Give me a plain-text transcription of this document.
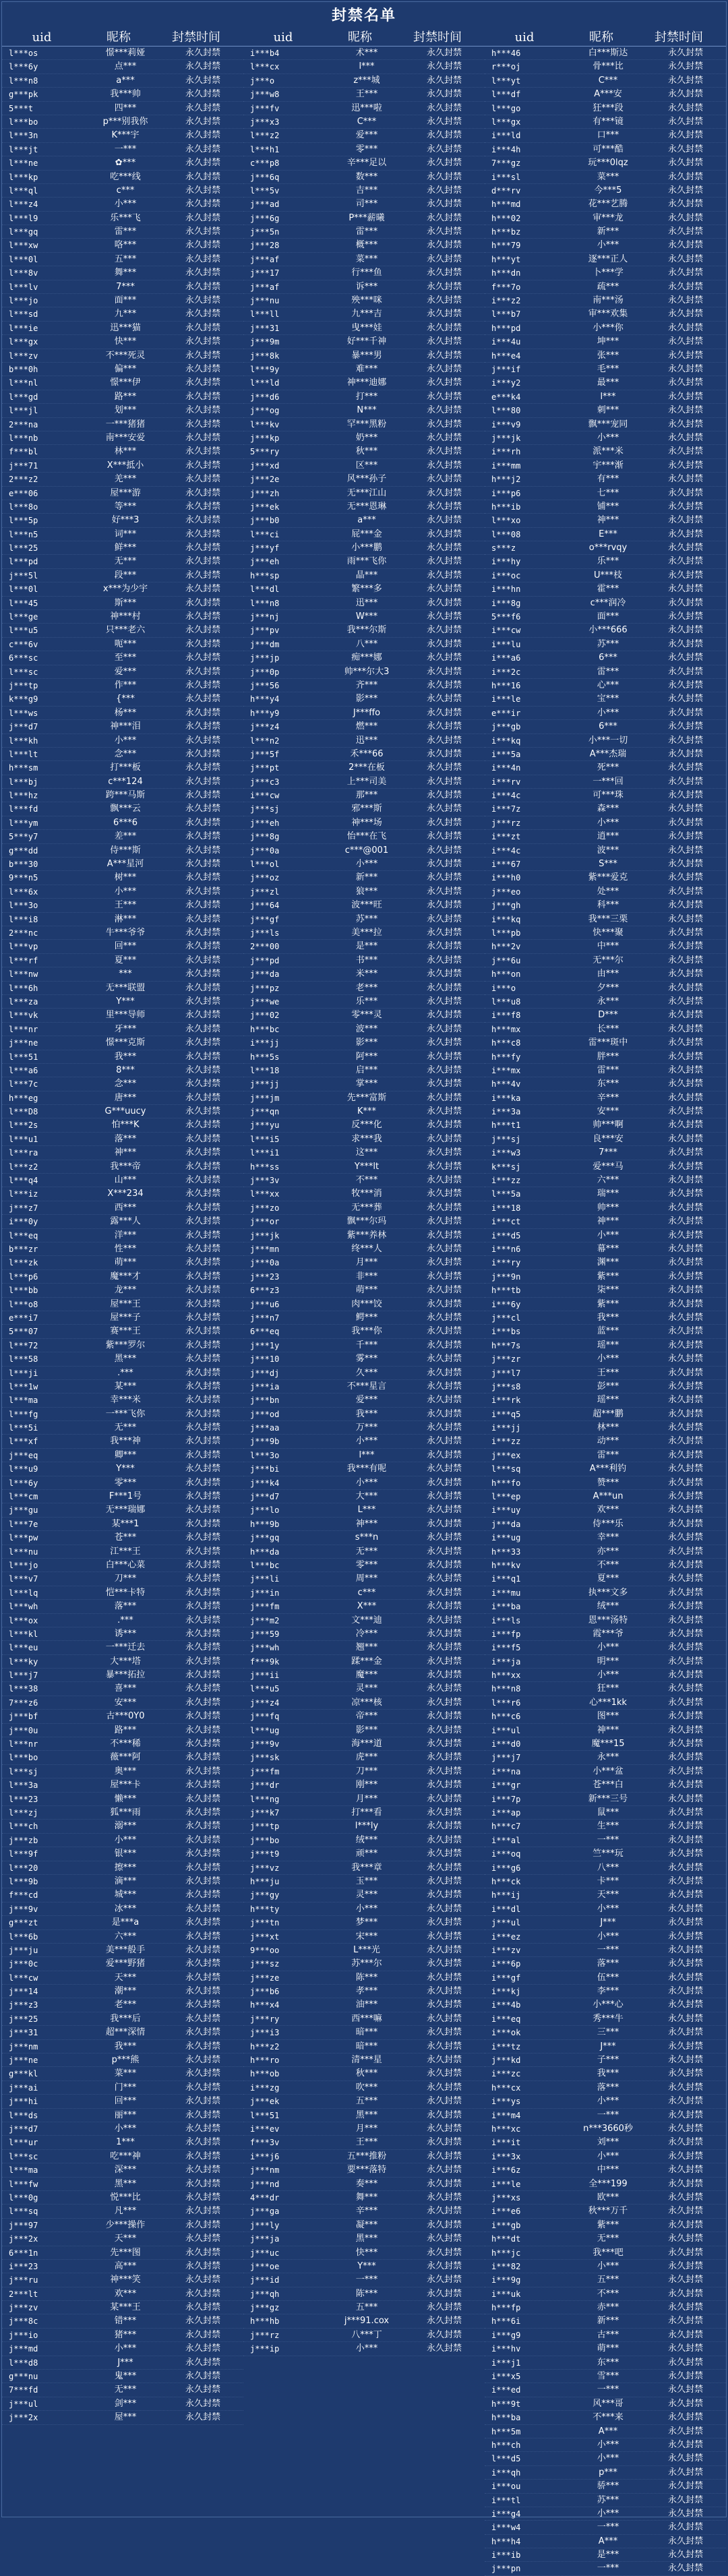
封禁名单
uid	昵称	封禁时间
l***os	憬***莉娅	永久封禁
l***6y	点***	永久封禁
l***n8	a***	永久封禁
g***pk	我***帅	永久封禁
5***t	四***	永久封禁
l***bo	p***别我你	永久封禁
l***3n	K***宇	永久封禁
l***jt	一***	永久封禁
l***ne	✿***	永久封禁
l***kp	吃***线	永久封禁
l***ql	c***	永久封禁
l***z4	小***	永久封禁
l***l9	乐***飞	永久封禁
l***gq	雷***	永久封禁
l***xw	咯***	永久封禁
l***0l	五***	永久封禁
l***8v	舞***	永久封禁
l***lv	7***	永久封禁
l***jo	面***	永久封禁
l***sd	九***	永久封禁
l***ie	迅***猫	永久封禁
l***gx	快***	永久封禁
l***zv	不***死灵	永久封禁
b***0h	偏***	永久封禁
l***nl	憬***伊	永久封禁
l***gd	路***	永久封禁
l***jl	划***	永久封禁
2***na	一***猪猪	永久封禁
l***nb	南***安爱	永久封禁
f***bl	林***	永久封禁
j***71	X***抵小	永久封禁
2***z2	羌***	永久封禁
e***06	屋***游	永久封禁
l***8o	等***	永久封禁
l***5p	好***3	永久封禁
l***n5	词***	永久封禁
l***25	鲜***	永久封禁
l***pd	无***	永久封禁
j***5l	段***	永久封禁
l***0l	x***为少宇	永久封禁
l***45	斯***	永久封禁
l***ge	神***村	永久封禁
l***u5	只***老六	永久封禁
c***6v	呃***	永久封禁
6***sc	至***	永久封禁
l***sc	爱***	永久封禁
j***tp	作***	永久封禁
k***g9	{***	永久封禁
l***ws	杨***	永久封禁
j***d7	神***泪	永久封禁
l***kh	小***	永久封禁
l***lt	念***	永久封禁
h***sm	打***板	永久封禁
l***bj	c***124	永久封禁
l***hz	跨***马斯	永久封禁
l***fd	飘***云	永久封禁
l***ym	6***6	永久封禁
5***y7	差***	永久封禁
g***dd	侍***斯	永久封禁
b***30	A***星河	永久封禁
9***n5	树***	永久封禁
l***6x	小***	永久封禁
l***3o	王***	永久封禁
l***i8	淋***	永久封禁
2***nc	牛***爷爷	永久封禁
l***vp	回***	永久封禁
l***rf	夏***	永久封禁
l***nw	***	永久封禁
l***6h	无***联盟	永久封禁
l***za	Y***	永久封禁
l***vk	里***导师	永久封禁
l***nr	牙***	永久封禁
j***ne	憬***克斯	永久封禁
l***51	我***	永久封禁
l***a6	8***	永久封禁
l***7c	念***	永久封禁
h***eg	唐***	永久封禁
l***D8	G***uucy	永久封禁
l***2s	怕***K	永久封禁
l***u1	落***	永久封禁
l***ra	神***	永久封禁
l***z2	我***帝	永久封禁
l***q4	山***	永久封禁
l***iz	X***234	永久封禁
j***z7	西***	永久封禁
i***0y	露***人	永久封禁
l***eq	洋***	永久封禁
b***zr	性***	永久封禁
l***zk	萌***	永久封禁
l***p6	魔***才	永久封禁
l***bb	龙***	永久封禁
l***o8	屋***王	永久封禁
e***i7	屋***子	永久封禁
5***07	赛***王	永久封禁
l***72	紫***罗尔	永久封禁
l***58	黑***	永久封禁
l***ji	.***	永久封禁
l***1w	某***	永久封禁
l***ma	幸***米	永久封禁
l***fg	一***飞你	永久封禁
l***5i	无***	永久封禁
l***xf	我***神	永久封禁
j***eq	卿***	永久封禁
l***u9	Y***	永久封禁
l***6y	零***	永久封禁
l***cm	F***1号	永久封禁
j***gu	无***瑞娜	永久封禁
l***7e	某***1	永久封禁
l***pw	苍***	永久封禁
l***nu	江***王	永久封禁
l***jo	白***心菜	永久封禁
l***v7	刀***	永久封禁
l***lq	恺***卡特	永久封禁
l***wh	落***	永久封禁
l***ox	.***	永久封禁
l***kl	诱***	永久封禁
l***eu	一***迁去	永久封禁
l***ky	大***塔	永久封禁
l***j7	暴***拓拉	永久封禁
l***38	喜***	永久封禁
7***z6	安***	永久封禁
j***bf	古***0Y0	永久封禁
j***0u	路***	永久封禁
l***nr	不***稀	永久封禁
l***bo	薇***阿	永久封禁
l***sj	奥***	永久封禁
l***3a	屋***卡	永久封禁
l***23	懒***	永久封禁
l***zj	狐***雨	永久封禁
l***ch	溺***	永久封禁
j***zb	小***	永久封禁
l***9f	银***	永久封禁
l***20	擦***	永久封禁
l***9b	滴***	永久封禁
f***cd	城***	永久封禁
j***9v	冰***	永久封禁
g***zt	是***a	永久封禁
l***6b	六***	永久封禁
j***ju	美***般手	永久封禁
j***0c	爱***野猪	永久封禁
l***cw	天***	永久封禁
j***14	潮***	永久封禁
j***z3	老***	永久封禁
j***25	我***后	永久封禁
j***31	超***深情	永久封禁
j***nm	我***	永久封禁
j***ne	p***熊	永久封禁
g***kl	菜***	永久封禁
j***ai	门***	永久封禁
j***hi	回***	永久封禁
l***ds	丽***	永久封禁
j***d7	小***	永久封禁
l***ur	1***	永久封禁
l***sc	吃***神	永久封禁
l***ma	深***	永久封禁
l***fw	黑***	永久封禁
l***0g	悦***比	永久封禁
l***sq	凡***	永久封禁
j***97	少***操作	永久封禁
j***2x	天***	永久封禁
6***1n	先***图	永久封禁
i***23	高***	永久封禁
j***ru	神***笑	永久封禁
2***lt	欢***	永久封禁
j***zv	某***王	永久封禁
j***8c	错***	永久封禁
j***io	猪***	永久封禁
j***md	小***	永久封禁
l***d8	J***	永久封禁
g***nu	鬼***	永久封禁
7***fd	无***	永久封禁
j***ul	剑***	永久封禁
j***2x	屋***	永久封禁
uid	昵称	封禁时间
i***b4	术***	永久封禁
l***cx	l***	永久封禁
j***o	z***城	永久封禁
j***w8	王***	永久封禁
j***fv	迅***啦	永久封禁
j***x3	C***	永久封禁
l***z2	爱***	永久封禁
l***h1	零***	永久封禁
c***p8	辛***足以	永久封禁
j***6q	数***	永久封禁
l***5v	吉***	永久封禁
j***ad	司***	永久封禁
j***6g	P***薪曦	永久封禁
j***5n	雷***	永久封禁
j***28	概***	永久封禁
j***af	菜***	永久封禁
j***17	行***鱼	永久封禁
j***af	诉***	永久封禁
j***nu	殃***咪	永久封禁
l***ll	九***吉	永久封禁
j***31	曳***娃	永久封禁
j***9m	好***千神	永久封禁
j***8k	暴***男	永久封禁
l***9y	难***	永久封禁
l***ld	神***迪娜	永久封禁
j***d6	打***	永久封禁
j***og	N***	永久封禁
l***kv	罕***黑粉	永久封禁
j***kp	奶***	永久封禁
5***ry	秋***	永久封禁
j***xd	区***	永久封禁
j***2e	风***孙子	永久封禁
j***zh	无***江山	永久封禁
j***ek	无***恩琳	永久封禁
j***b0	a***	永久封禁
l***ci	屁***金	永久封禁
j***yf	小***鹏	永久封禁
j***eh	雨***飞你	永久封禁
h***sp	晶***	永久封禁
l***dl	繁***多	永久封禁
l***n8	迅***	永久封禁
j***nj	W***	永久封禁
j***pv	我***尔斯	永久封禁
j***dm	八***	永久封禁
j***jp	痴***娜	永久封禁
j***0p	帅***尔大3	永久封禁
j***56	齐***	永久封禁
h***y4	影***	永久封禁
h***y9	J***ffo	永久封禁
j***z4	燃***	永久封禁
l***n2	迅***	永久封禁
j***5f	禾***66	永久封禁
j***pt	2***在板	永久封禁
j***c3	上***司美	永久封禁
i***cw	那***	永久封禁
j***sj	邪***斯	永久封禁
j***eh	神***场	永久封禁
j***8g	怡***在飞	永久封禁
j***0a	c***@001	永久封禁
l***ol	小***	永久封禁
j***oz	新***	永久封禁
j***zl	狼***	永久封禁
j***64	波***旺	永久封禁
j***gf	苏***	永久封禁
j***ls	美***拉	永久封禁
2***00	是***	永久封禁
j***pd	书***	永久封禁
j***da	米***	永久封禁
j***pz	老***	永久封禁
j***we	乐***	永久封禁
j***02	零***灵	永久封禁
h***bc	波***	永久封禁
i***jj	影***	永久封禁
h***5s	阿***	永久封禁
l***18	启***	永久封禁
j***jj	掌***	永久封禁
j***jm	先***富斯	永久封禁
j***qn	K***	永久封禁
j***yu	反***化	永久封禁
l***i5	求***我	永久封禁
l***i1	这***	永久封禁
h***ss	Y***lt	永久封禁
j***3v	不***	永久封禁
l***xx	牧***消	永久封禁
j***zo	无***葬	永久封禁
j***or	飘***尔玛	永久封禁
j***jk	紫***养林	永久封禁
j***mn	终***人	永久封禁
j***0a	月***	永久封禁
j***23	非***	永久封禁
6***z3	萌***	永久封禁
j***u6	肉***饺	永久封禁
j***n7	鳄***	永久封禁
6***eq	我***你	永久封禁
j***1y	千***	永久封禁
j***10	雾***	永久封禁
j***dj	久***	永久封禁
j***ia	不***星言	永久封禁
j***bn	爱***	永久封禁
j***od	我***	永久封禁
j***aa	万***	永久封禁
j***9b	小***	永久封禁
l***3o	l***	永久封禁
j***bi	我***有呢	永久封禁
j***k4	小***	永久封禁
j***d7	大***	永久封禁
j***lo	L***	永久封禁
h***9b	神***	永久封禁
j***gq	s***n	永久封禁
h***da	无***	永久封禁
l***bc	零***	永久封禁
j***li	周***	永久封禁
j***in	c***	永久封禁
j***fm	X***	永久封禁
j***m2	文***迪	永久封禁
j***59	冷***	永久封禁
j***wh	翘***	永久封禁
f***9k	蹂***金	永久封禁
j***ii	魔***	永久封禁
l***u5	灵***	永久封禁
j***z4	凉***核	永久封禁
j***fq	帝***	永久封禁
l***ug	影***	永久封禁
j***9v	海***道	永久封禁
j***sk	虎***	永久封禁
j***fm	刀***	永久封禁
j***dr	刚***	永久封禁
l***ng	月***	永久封禁
j***k7	打***看	永久封禁
j***tp	l***ly	永久封禁
j***bo	绒***	永久封禁
j***t9	顽***	永久封禁
j***vz	我***章	永久封禁
h***ju	玉***	永久封禁
j***gy	灵***	永久封禁
h***ty	小***	永久封禁
j***tn	梦***	永久封禁
j***xt	宋***	永久封禁
9***oo	L***光	永久封禁
j***sz	苏***尔	永久封禁
j***ze	陈***	永久封禁
j***b6	孝***	永久封禁
h***x4	油***	永久封禁
j***ry	西***嘛	永久封禁
j***i3	暗***	永久封禁
h***z2	暗***	永久封禁
h***ro	清***星	永久封禁
h***ob	秋***	永久封禁
i***zg	吹***	永久封禁
j***ek	五***	永久封禁
l***51	黑***	永久封禁
i***ev	月***	永久封禁
f***3v	王***	永久封禁
i***j6	五***推粉	永久封禁
j***nm	要***落特	永久封禁
j***nd	奏***	永久封禁
4***dr	舞***	永久封禁
j***ga	辛***	永久封禁
j***ly	凝***	永久封禁
j***ja	黑***	永久封禁
j***uc	快***	永久封禁
j***oe	Y***	永久封禁
j***id	一***	永久封禁
j***qh	陈***	永久封禁
j***gz	五***	永久封禁
h***hb	j***91.cox	永久封禁
j***rz	八***丁	永久封禁
j***ip	小***	永久封禁
uid	昵称	封禁时间
h***46	白***斯达	永久封禁
r***oj	骨***比	永久封禁
l***yt	C***	永久封禁
l***df	A***安	永久封禁
l***go	狂***段	永久封禁
l***gx	有***镜	永久封禁
i***ld	口***	永久封禁
i***4h	可***酷	永久封禁
7***gz	玩***0lqz	永久封禁
i***sl	菜***	永久封禁
d***rv	今***5	永久封禁
h***md	花***艺腾	永久封禁
h***02	审***龙	永久封禁
h***bz	新***	永久封禁
h***79	小***	永久封禁
h***yt	逐***正人	永久封禁
h***dn	卜***学	永久封禁
f***7o	疏***	永久封禁
i***z2	南***汤	永久封禁
l***b7	审***欢集	永久封禁
h***pd	小***你	永久封禁
i***4u	坤***	永久封禁
h***e4	张***	永久封禁
j***if	毛***	永久封禁
i***y2	最***	永久封禁
e***k4	l***	永久封禁
l***80	刺***	永久封禁
i***v9	飘***宠同	永久封禁
j***jk	小***	永久封禁
i***rh	派***米	永久封禁
i***mm	宇***渐	永久封禁
h***j2	有***	永久封禁
i***p6	七***	永久封禁
h***ib	铺***	永久封禁
l***xo	神***	永久封禁
l***08	E***	永久封禁
s***z	o***rvqy	永久封禁
i***hy	乐***	永久封禁
i***oc	U***枝	永久封禁
i***hn	霍***	永久封禁
i***8g	c***润冷	永久封禁
5***f6	面***	永久封禁
i***cw	小***666	永久封禁
i***lu	苏***	永久封禁
i***a6	6***	永久封禁
i***2c	雷***	永久封禁
h***16	心***	永久封禁
i***le	宝***	永久封禁
e***ir	小***	永久封禁
j***gb	6***	永久封禁
i***kq	小***一切	永久封禁
i***5a	A***杰瑞	永久封禁
i***4n	死***	永久封禁
i***rv	一***回	永久封禁
i***4c	可***珠	永久封禁
i***7z	森***	永久封禁
j***rz	小***	永久封禁
i***zt	逍***	永久封禁
i***4c	波***	永久封禁
i***67	S***	永久封禁
i***h0	紫***爱克	永久封禁
j***eo	处***	永久封禁
j***gh	科***	永久封禁
i***kq	我***三栗	永久封禁
l***pb	快***聚	永久封禁
h***2v	中***	永久封禁
j***6u	无***尔	永久封禁
h***on	由***	永久封禁
i***o	夕***	永久封禁
l***u8	永***	永久封禁
i***f8	D***	永久封禁
h***mx	长***	永久封禁
h***c8	雷***斑中	永久封禁
h***fy	胖***	永久封禁
i***mx	雷***	永久封禁
h***4v	东***	永久封禁
i***ka	辛***	永久封禁
i***3a	安***	永久封禁
h***t1	帅***啊	永久封禁
j***sj	良***安	永久封禁
i***w3	7***	永久封禁
k***sj	爱***马	永久封禁
i***zz	六***	永久封禁
l***5a	瑞***	永久封禁
i***18	帅***	永久封禁
i***ct	神***	永久封禁
i***d5	小***	永久封禁
i***n6	幕***	永久封禁
i***ry	渊***	永久封禁
j***9n	紫***	永久封禁
h***tb	柒***	永久封禁
i***6y	紫***	永久封禁
j***cl	我***	永久封禁
i***bs	蓝***	永久封禁
h***7s	瑶***	永久封禁
j***zr	小***	永久封禁
j***l7	王***	永久封禁
j***s8	彭***	永久封禁
i***rk	瑶***	永久封禁
i***q5	超***鹏	永久封禁
i***jj	林***	永久封禁
i***zz	动***	永久封禁
j***ex	雷***	永久封禁
l***sq	A***利钓	永久封禁
h***fo	赞***	永久封禁
l***ep	A***un	永久封禁
i***uy	欢***	永久封禁
j***da	侍***乐	永久封禁
i***ug	幸***	永久封禁
h***33	亦***	永久封禁
h***kv	不***	永久封禁
i***q1	夏***	永久封禁
i***mu	执***文多	永久封禁
i***ba	绒***	永久封禁
i***ls	恩***汤特	永久封禁
i***fp	霞***爷	永久封禁
i***f5	小***	永久封禁
i***ja	明***	永久封禁
h***xx	小***	永久封禁
h***n8	狂***	永久封禁
l***r6	心***1kk	永久封禁
h***c6	图***	永久封禁
i***ul	神***	永久封禁
i***d0	魔***15	永久封禁
j***j7	永***	永久封禁
i***na	小***盆	永久封禁
i***gr	苍***白	永久封禁
i***7p	新***三号	永久封禁
i***ap	鼠***	永久封禁
h***c7	生***	永久封禁
i***al	一***	永久封禁
i***oq	竺***玩	永久封禁
i***g6	八***	永久封禁
h***ck	卡***	永久封禁
h***ij	天***	永久封禁
i***dl	小***	永久封禁
j***ul	J***	永久封禁
i***ez	小***	永久封禁
i***zv	一***	永久封禁
i***6p	落***	永久封禁
i***gf	伍***	永久封禁
i***kj	李***	永久封禁
i***4b	小***心	永久封禁
i***eq	秀***牛	永久封禁
i***ok	三***	永久封禁
i***tz	J***	永久封禁
j***kd	子***	永久封禁
i***zc	我***	永久封禁
h***cx	落***	永久封禁
i***ys	小***	永久封禁
i***m4	一***	永久封禁
h***xc	n***3660秒	永久封禁
i***it	刘***	永久封禁
i***3x	小***	永久封禁
i***6z	中***	永久封禁
i***le	全***199	永久封禁
j***xs	欧***	永久封禁
i***e6	秋***万千	永久封禁
i***gb	紫***	永久封禁
h***dt	无***	永久封禁
h***jc	我***吧	永久封禁
i***82	小***	永久封禁
i***9g	五***	永久封禁
i***uk	不***	永久封禁
h***fp	赤***	永久封禁
h***6i	新***	永久封禁
i***g9	古***	永久封禁
i***hv	萌***	永久封禁
i***j1	东***	永久封禁
i***x5	雪***	永久封禁
i***ed	一***	永久封禁
h***9t	风***哥	永久封禁
h***ba	不***来	永久封禁
h***5m	A***	永久封禁
h***ch	小***	永久封禁
l***d5	小***	永久封禁
i***qh	p***	永久封禁
i***ou	骄***	永久封禁
i***tl	苏***	永久封禁
i***g4	小***	永久封禁
i***w4	一***	永久封禁
h***h4	A***	永久封禁
i***ib	是***	永久封禁
j***pn	一***	永久封禁
